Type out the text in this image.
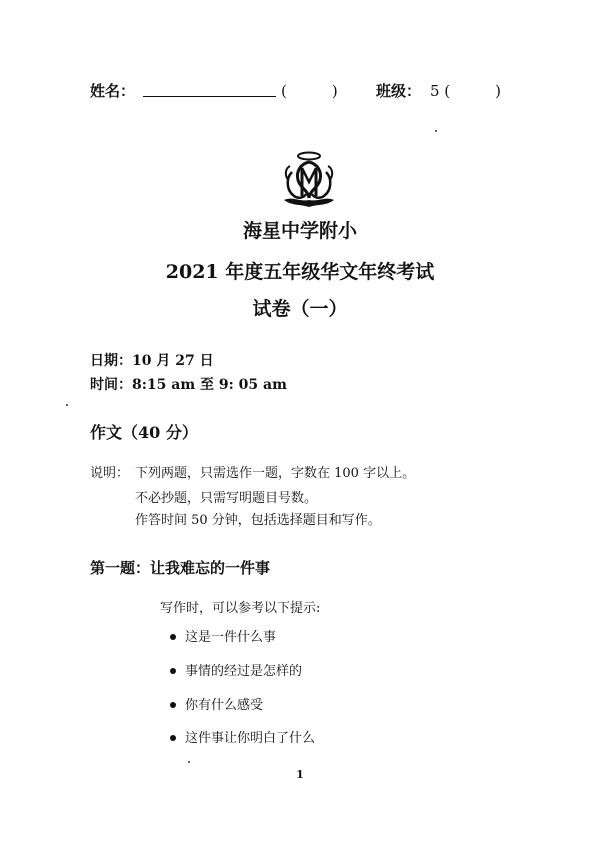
姓名：	(　　　)	班级： 5 (　　　)
海星中学附小
2021 年度五年级华文年终考试
试卷（一）
日期：10 月 27 日
时间：8:15 am 至 9: 05 am
作文（40 分）
说明： 下列两题，只需选作一题，字数在 100 字以上。
不必抄题，只需写明题目号数。
作答时间 50 分钟，包括选择题目和写作。
第一题：让我难忘的一件事
写作时，可以参考以下提示:
这是一件什么事
事情的经过是怎样的
你有什么感受
这件事让你明白了什么
1
